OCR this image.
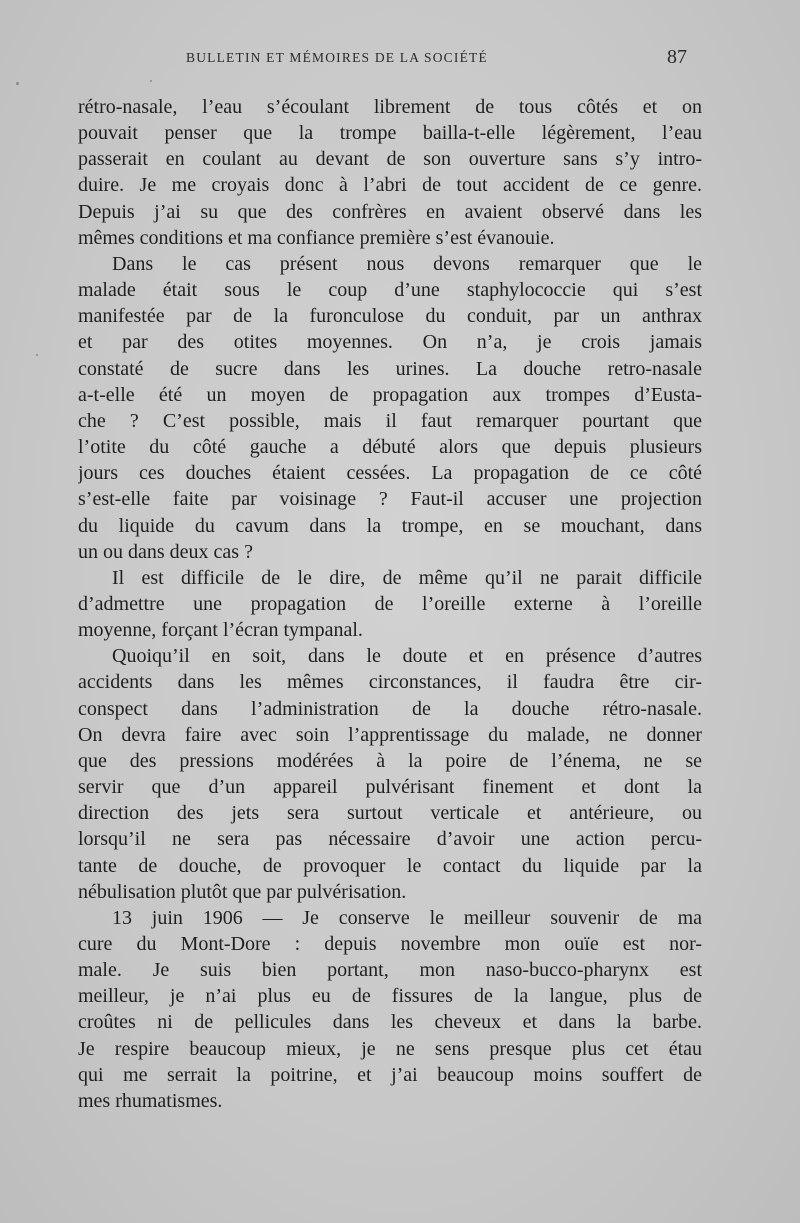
BULLETIN ET MÉMOIRES DE LA SOCIÉTÉ	87

rétro-nasale, l’eau s’écoulant librement de tous côtés et on
pouvait penser que la trompe bailla-t-elle légèrement, l’eau
passerait en coulant au devant de son ouverture sans s’y intro-
duire. Je me croyais donc à l’abri de tout accident de ce genre.
Depuis j’ai su que des confrères en avaient observé dans les
mêmes conditions et ma confiance première s’est évanouie.

Dans le cas présent nous devons remarquer que le
malade était sous le coup d’une staphylococcie qui s’est
manifestée par de la furonculose du conduit, par un anthrax
et par des otites moyennes. On n’a, je crois jamais
constaté de sucre dans les urines. La douche retro-nasale
a-t-elle été un moyen de propagation aux trompes d’Eusta-
che ? C’est possible, mais il faut remarquer pourtant que
l’otite du côté gauche a débuté alors que depuis plusieurs
jours ces douches étaient cessées. La propagation de ce côté
s’est-elle faite par voisinage ? Faut-il accuser une projection
du liquide du cavum dans la trompe, en se mouchant, dans
un ou dans deux cas ?

Il est difficile de le dire, de même qu’il ne parait difficile
d’admettre une propagation de l’oreille externe à l’oreille
moyenne, forçant l’écran tympanal.

Quoiqu’il en soit, dans le doute et en présence d’autres
accidents dans les mêmes circonstances, il faudra être cir-
conspect dans l’administration de la douche rétro-nasale.
On devra faire avec soin l’apprentissage du malade, ne donner
que des pressions modérées à la poire de l’énema, ne se
servir que d’un appareil pulvérisant finement et dont la
direction des jets sera surtout verticale et antérieure, ou
lorsqu’il ne sera pas nécessaire d’avoir une action percu-
tante de douche, de provoquer le contact du liquide par la
nébulisation plutôt que par pulvérisation.

13 juin 1906 — Je conserve le meilleur souvenir de ma
cure du Mont-Dore : depuis novembre mon ouïe est nor-
male. Je suis bien portant, mon naso-bucco-pharynx est
meilleur, je n’ai plus eu de fissures de la langue, plus de
croûtes ni de pellicules dans les cheveux et dans la barbe.
Je respire beaucoup mieux, je ne sens presque plus cet étau
qui me serrait la poitrine, et j’ai beaucoup moins souffert de
mes rhumatismes.
